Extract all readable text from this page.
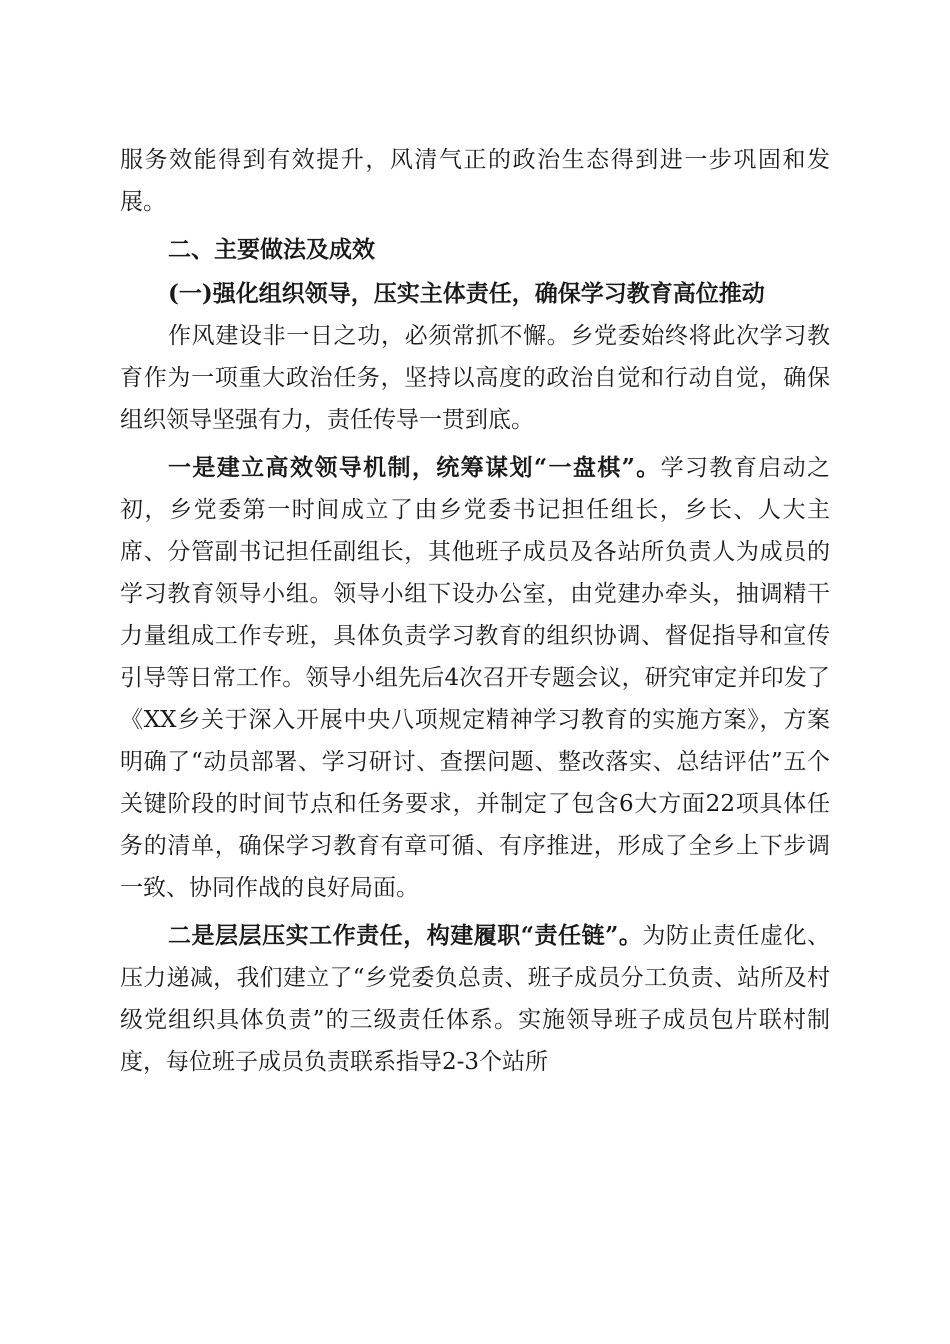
服务效能得到有效提升，风清气正的政治生态得到进一步巩固和发展。

二、主要做法及成效

(一)强化组织领导，压实主体责任，确保学习教育高位推动

作风建设非一日之功，必须常抓不懈。乡党委始终将此次学习教育作为一项重大政治任务，坚持以高度的政治自觉和行动自觉，确保组织领导坚强有力，责任传导一贯到底。

一是建立高效领导机制，统筹谋划“一盘棋”。学习教育启动之初，乡党委第一时间成立了由乡党委书记担任组长，乡长、人大主席、分管副书记担任副组长，其他班子成员及各站所负责人为成员的学习教育领导小组。领导小组下设办公室，由党建办牵头，抽调精干力量组成工作专班，具体负责学习教育的组织协调、督促指导和宣传引导等日常工作。领导小组先后4次召开专题会议，研究审定并印发了《XX乡关于深入开展中央八项规定精神学习教育的实施方案》，方案明确了“动员部署、学习研讨、查摆问题、整改落实、总结评估”五个关键阶段的时间节点和任务要求，并制定了包含6大方面22项具体任务的清单，确保学习教育有章可循、有序推进，形成了全乡上下步调一致、协同作战的良好局面。

二是层层压实工作责任，构建履职“责任链”。为防止责任虚化、压力递减，我们建立了“乡党委负总责、班子成员分工负责、站所及村级党组织具体负责”的三级责任体系。实施领导班子成员包片联村制度，每位班子成员负责联系指导2-3个站所
